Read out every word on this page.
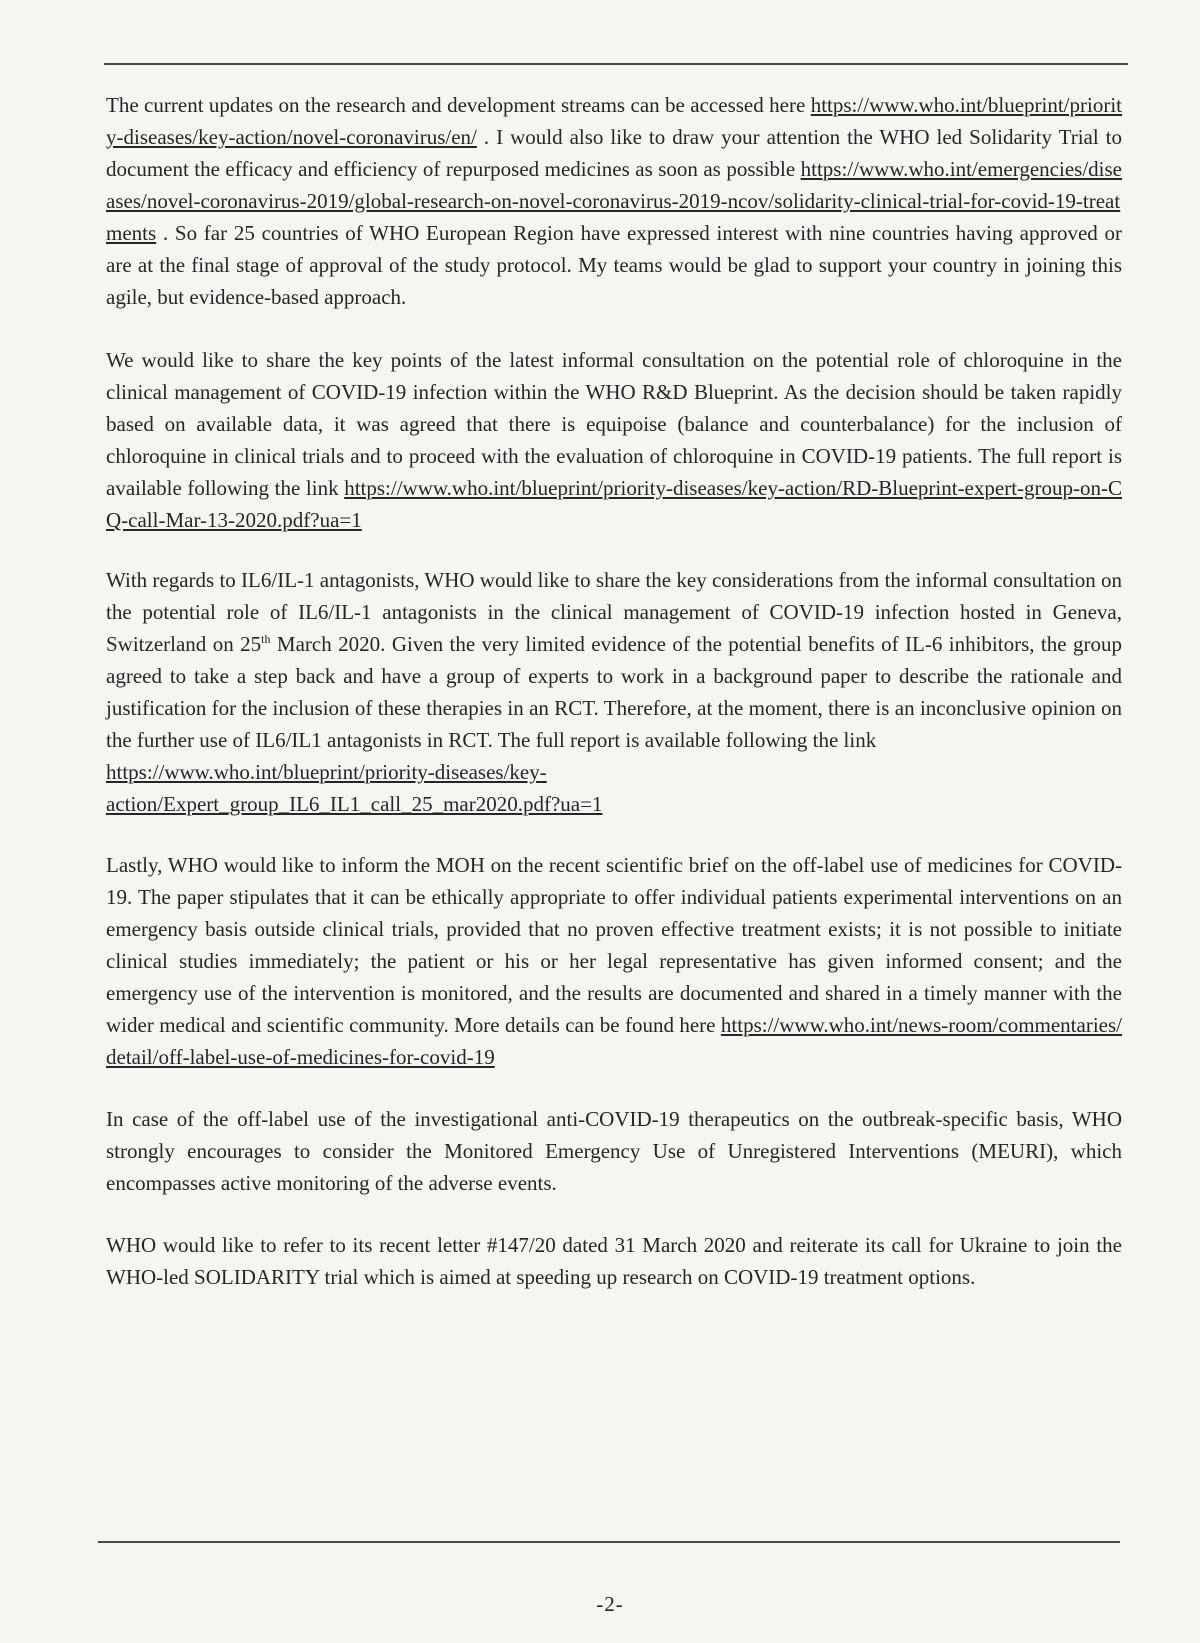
The current updates on the research and development streams can be accessed here https://www.who.int/blueprint/priority-diseases/key-action/novel-coronavirus/en/ . I would also like to draw your attention the WHO led Solidarity Trial to document the efficacy and efficiency of repurposed medicines as soon as possible https://www.who.int/emergencies/diseases/novel-coronavirus-2019/global-research-on-novel-coronavirus-2019-ncov/solidarity-clinical-trial-for-covid-19-treatments . So far 25 countries of WHO European Region have expressed interest with nine countries having approved or are at the final stage of approval of the study protocol. My teams would be glad to support your country in joining this agile, but evidence-based approach.

We would like to share the key points of the latest informal consultation on the potential role of chloroquine in the clinical management of COVID-19 infection within the WHO R&D Blueprint. As the decision should be taken rapidly based on available data, it was agreed that there is equipoise (balance and counterbalance) for the inclusion of chloroquine in clinical trials and to proceed with the evaluation of chloroquine in COVID-19 patients. The full report is available following the link https://www.who.int/blueprint/priority-diseases/key-action/RD-Blueprint-expert-group-on-CQ-call-Mar-13-2020.pdf?ua=1

With regards to IL6/IL-1 antagonists, WHO would like to share the key considerations from the informal consultation on the potential role of IL6/IL-1 antagonists in the clinical management of COVID-19 infection hosted in Geneva, Switzerland on 25th March 2020. Given the very limited evidence of the potential benefits of IL-6 inhibitors, the group agreed to take a step back and have a group of experts to work in a background paper to describe the rationale and justification for the inclusion of these therapies in an RCT. Therefore, at the moment, there is an inconclusive opinion on the further use of IL6/IL1 antagonists in RCT. The full report is available following the link
https://www.who.int/blueprint/priority-diseases/key-
action/Expert_group_IL6_IL1_call_25_mar2020.pdf?ua=1

Lastly, WHO would like to inform the MOH on the recent scientific brief on the off-label use of medicines for COVID-19. The paper stipulates that it can be ethically appropriate to offer individual patients experimental interventions on an emergency basis outside clinical trials, provided that no proven effective treatment exists; it is not possible to initiate clinical studies immediately; the patient or his or her legal representative has given informed consent; and the emergency use of the intervention is monitored, and the results are documented and shared in a timely manner with the wider medical and scientific community. More details can be found here https://www.who.int/news-room/commentaries/detail/off-label-use-of-medicines-for-covid-19

In case of the off-label use of the investigational anti-COVID-19 therapeutics on the outbreak-specific basis, WHO strongly encourages to consider the Monitored Emergency Use of Unregistered Interventions (MEURI), which encompasses active monitoring of the adverse events.

WHO would like to refer to its recent letter #147/20 dated 31 March 2020 and reiterate its call for Ukraine to join the WHO-led SOLIDARITY trial which is aimed at speeding up research on COVID-19 treatment options.

-2-
